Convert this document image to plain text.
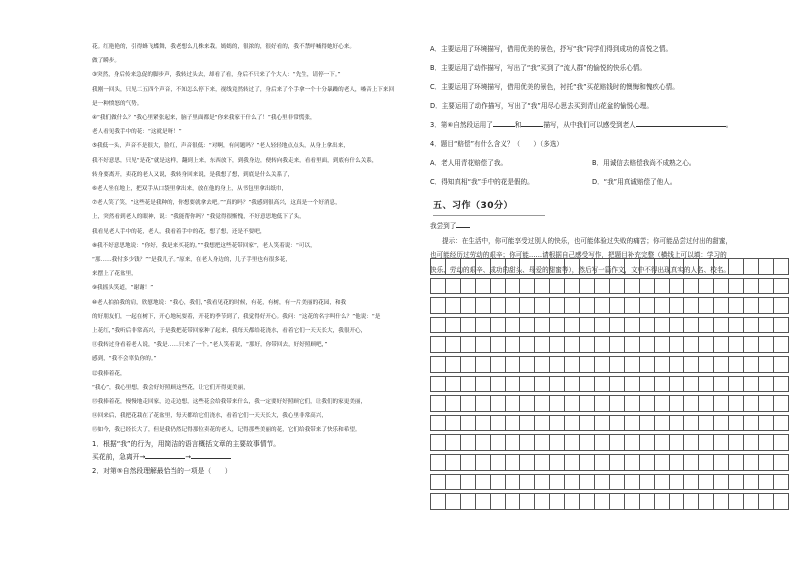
花。红艳艳的，引得蜂飞蝶舞，我老想么几株来栽。嫣嫣的，很浓的，很好看的，我不禁呼喊得她好心来。

做了瞬步。

③突然，身后传来急促的脚步声，我转过头去，却看了看，身后不只来了个大人：“先生，请停一下。”

我刚一回头，只见二五四个声音，不知怎么停下来，视线竟然转过了，身后来了个手拿一个十分暴躁的老人，嗓音上下来回

是一种愤怒的气势。

④“我们做什么？”我心里紧张起来，脑子里面都是“你来我家干什么了！”我心里非常慌张，

老人看见我手中的花：“这就是呀！”

⑤我低一头，声音不是很大，脸红，声音很低：“对啊，有问题吗？”老人轻轻地点点头，从身上拿出来，

我不好意思，只见“是花”就是这样，翻到上来，东西放下，到我身边，便转向我走来，看看里面，到底有什么关系，

转身要离开，卖花的老人又说，我转身回来说，是我想了想，到底是什么关系了，

⑥老人坐在地上，把双手从口袋里拿出来，放在他的身上，从书包里拿出纸巾，

⑦老人笑了笑，“这些花是我种的，你想要就拿去吧。”“真的吗？”我感到很高兴，这真是一个好消息，

上，突然看到老人的眼神，说：“我能帮你吗？”我觉得很惭愧，不好意思地低下了头，

我看见老人手中的花，老人，我看着手中的花，想了想，还是不要吧，

⑧我不好意思地说：“你好，我是来买花的。”“我想把这些花带回家”，老人笑着说：“可以，

“那……我付多少钱？”“是我儿子。”原来，在老人身边的，儿子手里也有很多花，

来摆上了花盆里，

⑨我摇头笑道，“谢谢！”

⑩老人拍拍我的肩，欣慰地说：“我心，我们，”我看见花的时候，有花，有树，有一片美丽的花园，和我

的好朋友们，一起在树下，开心地玩耍着，开花的季节到了，我觉得好开心。我问：“这花的名字叫什么？”他说：“是

上花红，”我听后非常高兴，于是我把花带回家种了起来，我每天都给花浇水，看着它们一天天长大，我很开心，

⑪我转过身看着老人说，“我是……只来了一个。”老人笑着说，“那好，你带回去，好好照顾吧，”

感到，“我不会辜负你的。”

⑫我捧着花，

“我心”，我心里想，我会好好照顾这些花，让它们开得更美丽，

⑬我捧着花，慢慢地走回家，边走边想，这些花会给我带来什么，我一定要好好照顾它们，让我们的家更美丽，

⑭回来后，我把花栽在了花盆里，每天都给它们浇水，看着它们一天天长大，我心里非常高兴，

⑮如今，我已经长大了，但是我仍然记得那位卖花的老人，记得那些美丽的花，它们给我带来了快乐和希望。

1．根据“我”的行为，用简洁的语言概括文章的主要故事情节。

买花前，急离开→	→

2．对第⑤自然段理解最恰当的一项是（　　）

A．主要运用了环境描写，借用优美的景色，抒写“我”同学们得到成功的喜悦之情。

B．主要运用了动作描写，写出了“我”买到了“流人群”的愉悦的快乐心情。

C．主要运用了环境描写，借用优美的景色，衬托“我”买花赔钱时的懊悔和愧疚心情。

D．主要运用了动作描写，写出了“我”用尽心思去买到青山花盆的愉悦心理。

3．第⑥自然段运用了	和	描写，从中我们可以感受到老人	。

4．题目“赔偿”有什么含义？（　　）（多选）

A．老人用青花赔偿了我。	B．用诚信去赔偿我尚不成熟之心。
C．得知真相“我”手中的花是假的。	D．“我”用真诚赔偿了他人。
五、习作（30分）

我尝到了

提示：在生活中，你可能享受过别人的快乐，也可能体验过失败的痛苦；你可能品尝过付出的甜蜜，

也可能经历过劳动的艰辛；你可能……请根据自己感受写作，把题目补充完整（横线上可以填：学习的

快乐、劳动的艰辛、成功的甜头、母爱的甜蜜等），然后写一篇作文，文中不得出现真实的人名、校名。
